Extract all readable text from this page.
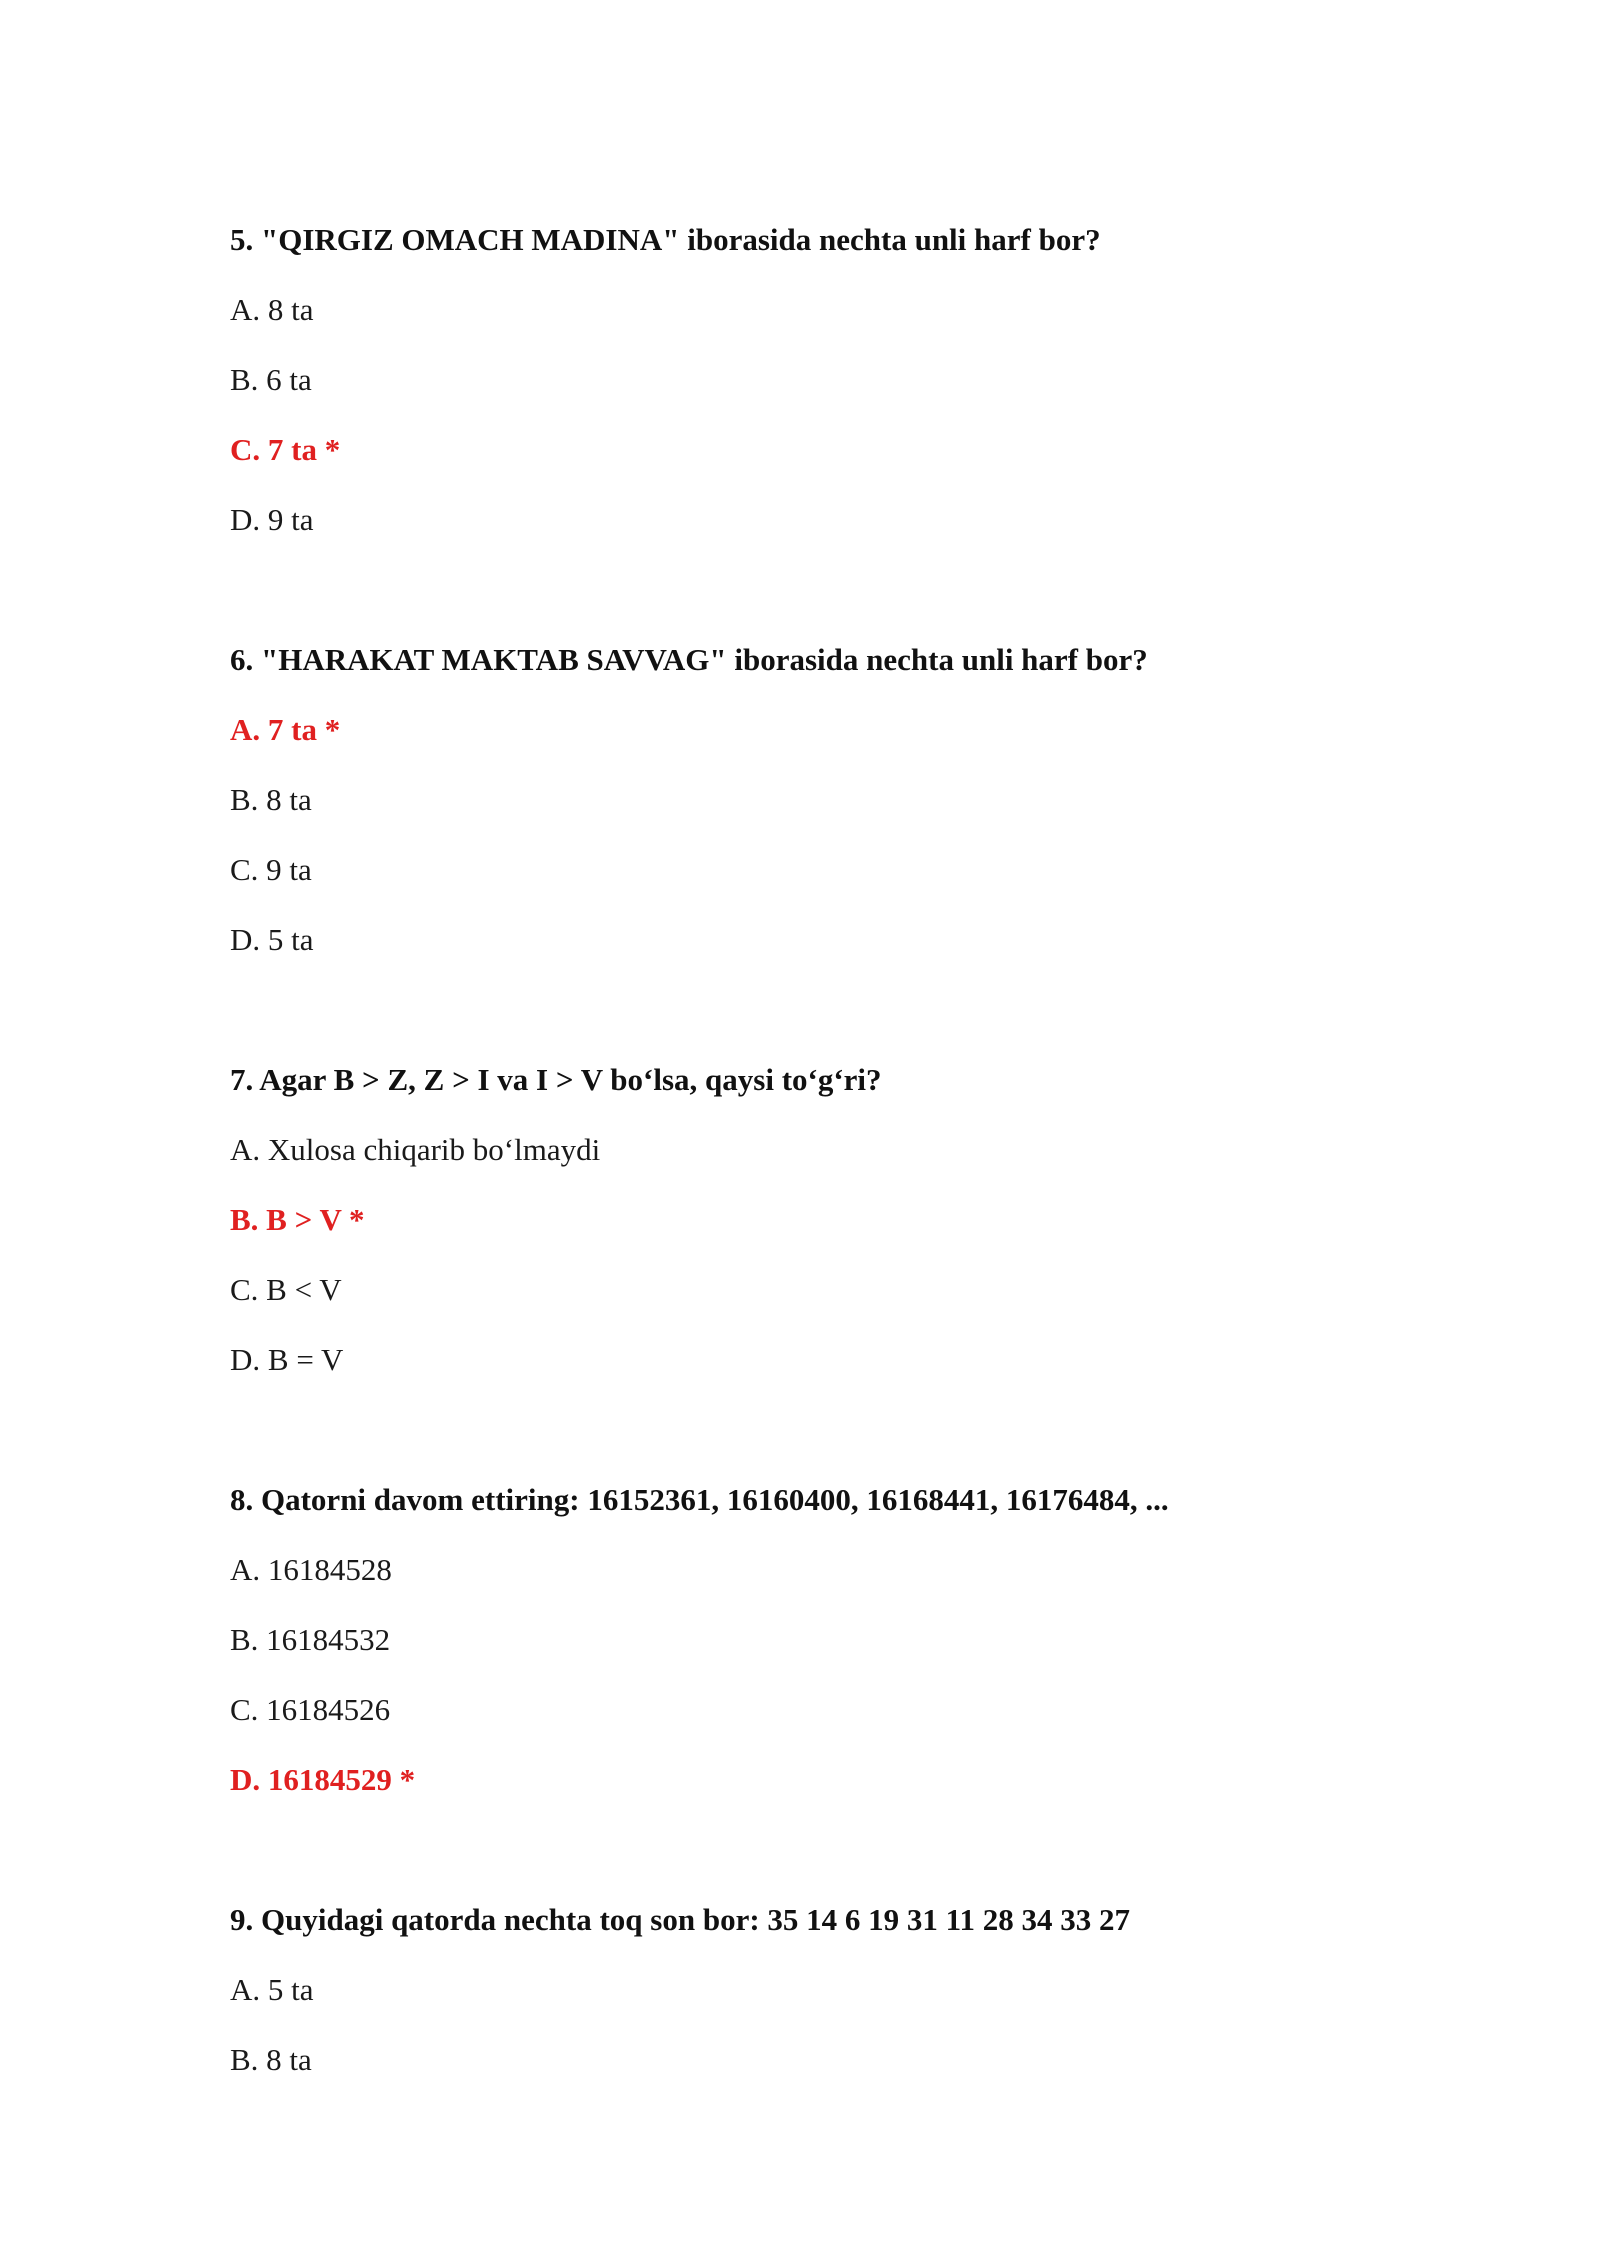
5. "QIRGIZ OMACH MADINA" iborasida nechta unli harf bor?
A. 8 ta
B. 6 ta
C. 7 ta *
D. 9 ta
6. "HARAKAT MAKTAB SAVVAG" iborasida nechta unli harf bor?
A. 7 ta *
B. 8 ta
C. 9 ta
D. 5 ta
7. Agar B > Z, Z > I va I > V bo‘lsa, qaysi to‘g‘ri?
A. Xulosa chiqarib bo‘lmaydi
B. B > V *
C. B < V
D. B = V
8. Qatorni davom ettiring: 16152361, 16160400, 16168441, 16176484, ...
A. 16184528
B. 16184532
C. 16184526
D. 16184529 *
9. Quyidagi qatorda nechta toq son bor: 35 14 6 19 31 11 28 34 33 27
A. 5 ta
B. 8 ta
